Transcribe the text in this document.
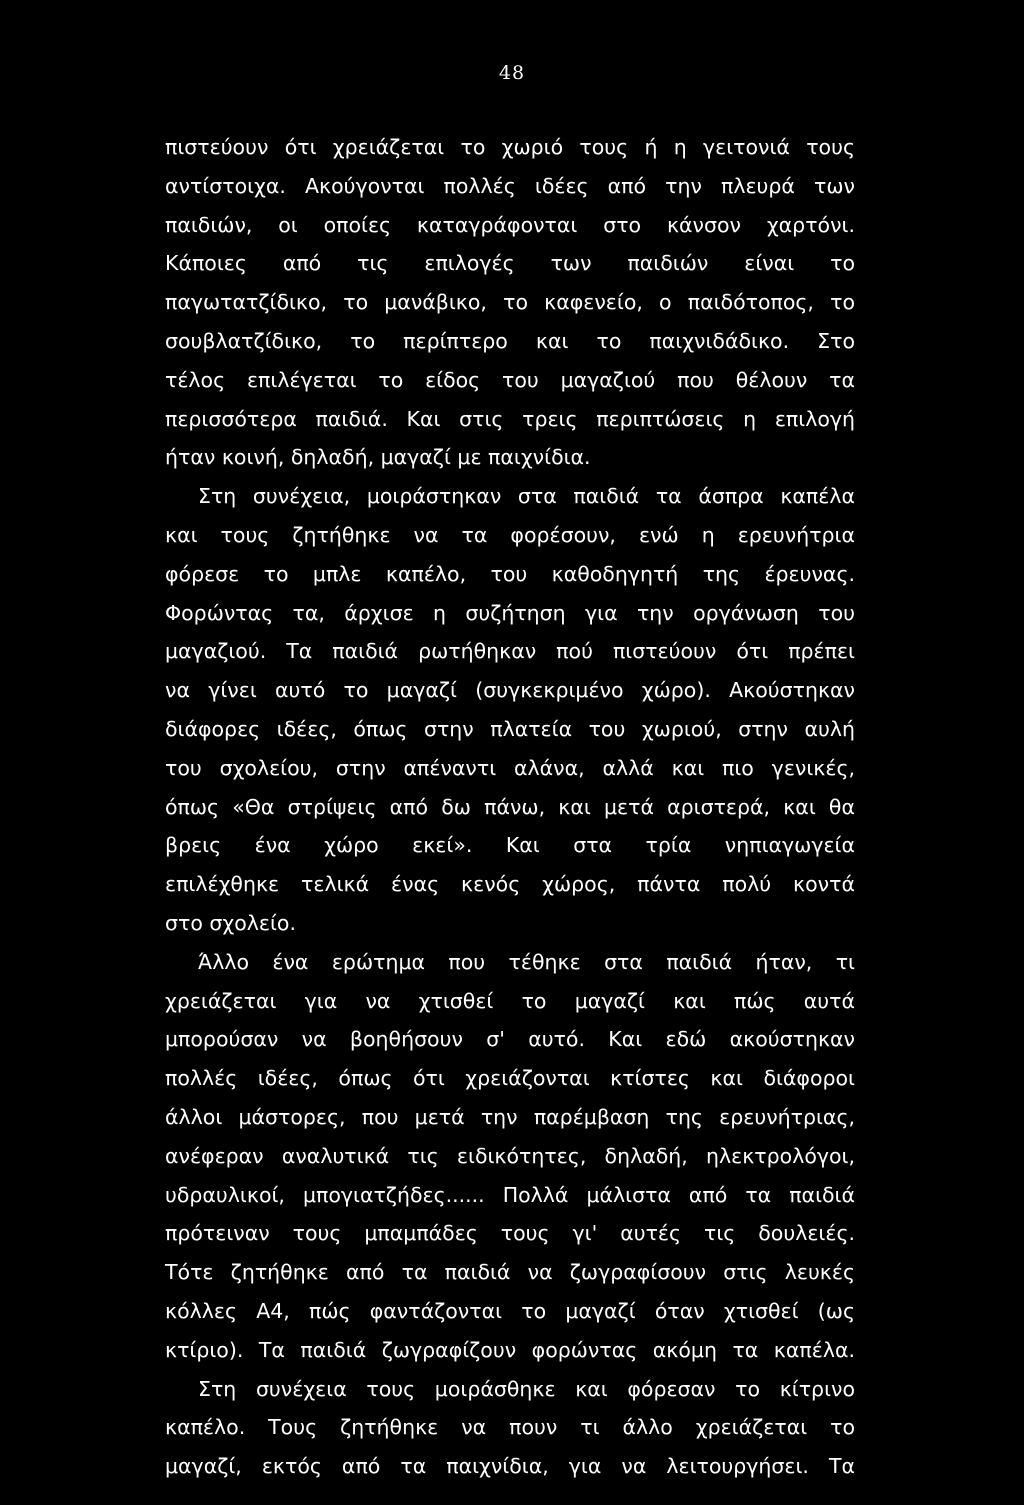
48
πιστεύουν ότι χρειάζεται το χωριό τους ή η γειτονιά τους
αντίστοιχα. Ακούγονται πολλές ιδέες από την πλευρά των
παιδιών, οι οποίες καταγράφονται στο κάνσον χαρτόνι.
Κάποιες από τις επιλογές των παιδιών είναι το
παγωτατζίδικο, το μανάβικο, το καφενείο, ο παιδότοπος, το
σουβλατζίδικο, το περίπτερο και το παιχνιδάδικο. Στο
τέλος επιλέγεται το είδος του μαγαζιού που θέλουν τα
περισσότερα παιδιά. Και στις τρεις περιπτώσεις η επιλογή
ήταν κοινή, δηλαδή, μαγαζί με παιχνίδια.
Στη συνέχεια, μοιράστηκαν στα παιδιά τα άσπρα καπέλα
και τους ζητήθηκε να τα φορέσουν, ενώ η ερευνήτρια
φόρεσε το μπλε καπέλο, του καθοδηγητή της έρευνας.
Φορώντας τα, άρχισε η συζήτηση για την οργάνωση του
μαγαζιού. Τα παιδιά ρωτήθηκαν πού πιστεύουν ότι πρέπει
να γίνει αυτό το μαγαζί (συγκεκριμένο χώρο). Ακούστηκαν
διάφορες ιδέες, όπως στην πλατεία του χωριού, στην αυλή
του σχολείου, στην απέναντι αλάνα, αλλά και πιο γενικές,
όπως «Θα στρίψεις από δω πάνω, και μετά αριστερά, και θα
βρεις ένα χώρο εκεί». Και στα τρία νηπιαγωγεία
επιλέχθηκε τελικά ένας κενός χώρος, πάντα πολύ κοντά
στο σχολείο.
Άλλο ένα ερώτημα που τέθηκε στα παιδιά ήταν, τι
χρειάζεται για να χτισθεί το μαγαζί και πώς αυτά
μπορούσαν να βοηθήσουν σ' αυτό. Και εδώ ακούστηκαν
πολλές ιδέες, όπως ότι χρειάζονται κτίστες και διάφοροι
άλλοι μάστορες, που μετά την παρέμβαση της ερευνήτριας,
ανέφεραν αναλυτικά τις ειδικότητες, δηλαδή, ηλεκτρολόγοι,
υδραυλικοί, μπογιατζήδες...... Πολλά μάλιστα από τα παιδιά
πρότειναν τους μπαμπάδες τους γι' αυτές τις δουλειές.
Τότε ζητήθηκε από τα παιδιά να ζωγραφίσουν στις λευκές
κόλλες Α4, πώς φαντάζονται το μαγαζί όταν χτισθεί (ως
κτίριο). Τα παιδιά ζωγραφίζουν φορώντας ακόμη τα καπέλα.
Στη συνέχεια τους μοιράσθηκε και φόρεσαν το κίτρινο
καπέλο. Τους ζητήθηκε να πουν τι άλλο χρειάζεται το
μαγαζί, εκτός από τα παιχνίδια, για να λειτουργήσει. Τα
